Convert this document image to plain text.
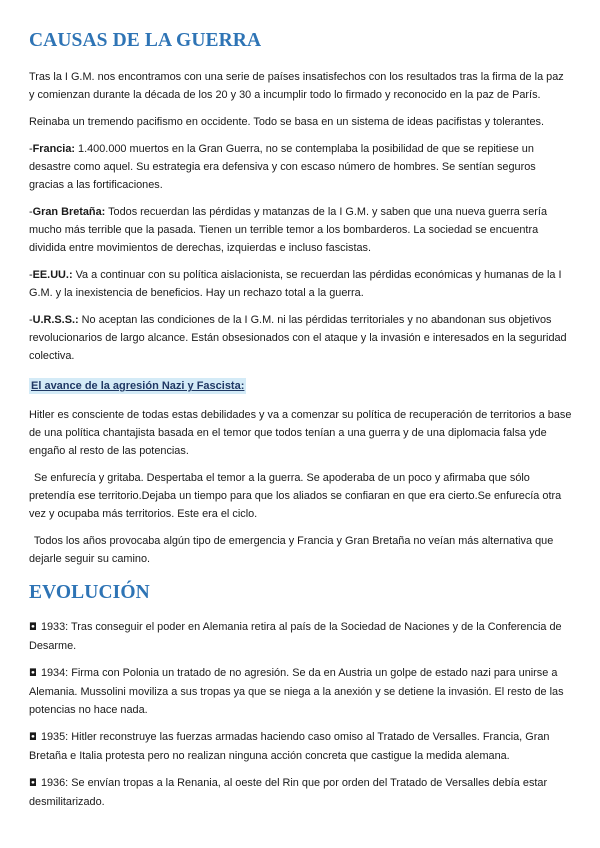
CAUSAS DE LA GUERRA

Tras la I G.M. nos encontramos con una serie de países insatisfechos con los resultados tras la firma de la paz y comienzan durante la década de los 20 y 30 a incumplir todo lo firmado y reconocido en la paz de París.

Reinaba un tremendo pacifismo en occidente. Todo se basa en un sistema de ideas pacifistas y tolerantes.

-Francia: 1.400.000 muertos en la Gran Guerra, no se contemplaba la posibilidad de que se repitiese un desastre como aquel. Su estrategia era defensiva y con escaso número de hombres. Se sentían seguros gracias a las fortificaciones.

-Gran Bretaña: Todos recuerdan las pérdidas y matanzas de la I G.M. y saben que una nueva guerra sería mucho más terrible que la pasada. Tienen un terrible temor a los bombarderos. La sociedad se encuentra dividida entre movimientos de derechas, izquierdas e incluso fascistas.

-EE.UU.: Va a continuar con su política aislacionista, se recuerdan las pérdidas económicas y humanas de la I G.M. y la inexistencia de beneficios. Hay un rechazo total a la guerra.

-U.R.S.S.: No aceptan las condiciones de la I G.M. ni las pérdidas territoriales y no abandonan sus objetivos revolucionarios de largo alcance. Están obsesionados con el ataque y la invasión e interesados en la seguridad colectiva.

El avance de la agresión Nazi y Fascista:

Hitler es consciente de todas estas debilidades y va a comenzar su política de recuperación de territorios a base de una política chantajista basada en el temor que todos tenían a una guerra y de una diplomacia falsa yde engaño al resto de las potencias.

Se enfurecía y gritaba. Despertaba el temor a la guerra. Se apoderaba de un poco y afirmaba que sólo pretendía ese territorio.Dejaba un tiempo para que los aliados se confiaran en que era cierto.Se enfurecía otra vez y ocupaba más territorios. Este era el ciclo.

Todos los años provocaba algún tipo de emergencia y Francia y Gran Bretaña no veían más alternativa que dejarle seguir su camino.

EVOLUCIÓN

◘ 1933: Tras conseguir el poder en Alemania retira al país de la Sociedad de Naciones y de la Conferencia de Desarme.

◘ 1934: Firma con Polonia un tratado de no agresión. Se da en Austria un golpe de estado nazi para unirse a Alemania. Mussolini moviliza a sus tropas ya que se niega a la anexión y se detiene la invasión. El resto de las potencias no hace nada.

◘ 1935: Hitler reconstruye las fuerzas armadas haciendo caso omiso al Tratado de Versalles. Francia, Gran Bretaña e Italia protesta pero no realizan ninguna acción concreta que castigue la medida alemana.

◘ 1936: Se envían tropas a la Renania, al oeste del Rin que por orden del Tratado de Versalles debía estar desmilitarizado.
